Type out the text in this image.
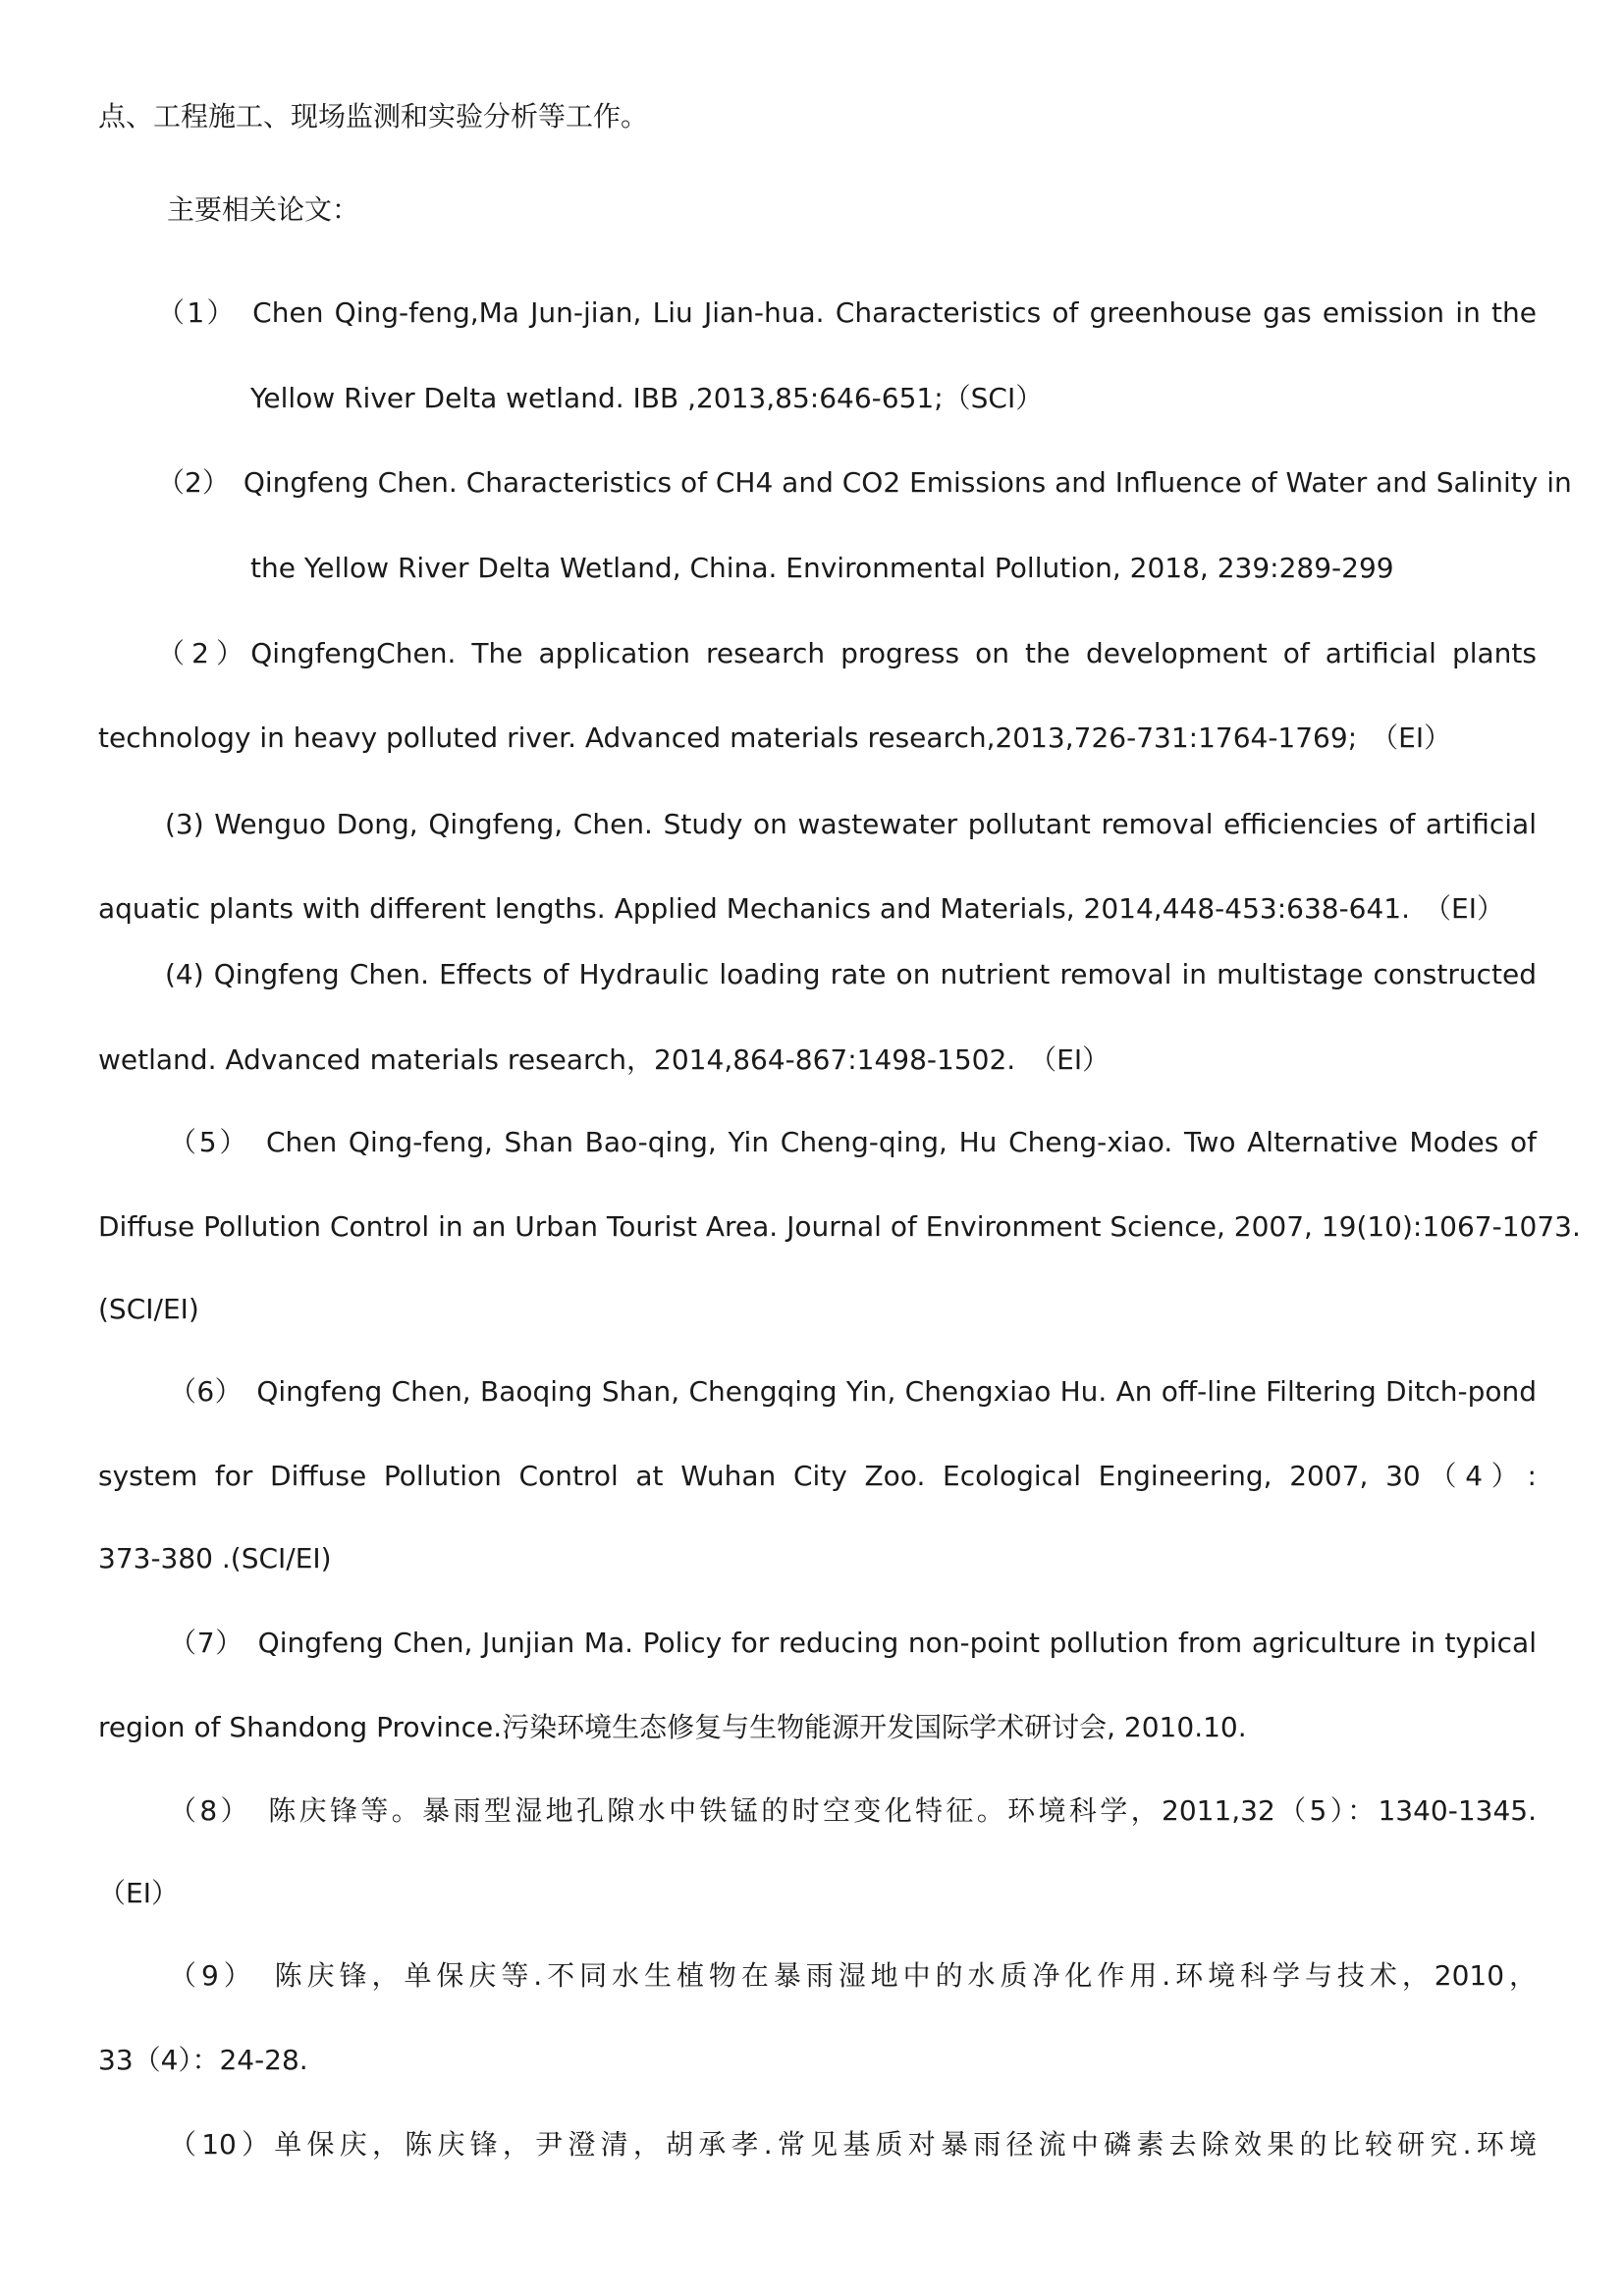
点、工程施工、现场监测和实验分析等工作。

主要相关论文：

（1）　Chen Qing-feng,Ma Jun-jian, Liu Jian-hua. Characteristics of greenhouse gas emission in the

Yellow River Delta wetland. IBB ,2013,85:646-651;（SCI）

（2）　Qingfeng Chen. Characteristics of CH4 and CO2 Emissions and Influence of Water and Salinity in

the Yellow River Delta Wetland, China. Environmental Pollution, 2018, 239:289-299

（2）QingfengChen. The application research progress on the development of artificial plants

technology in heavy polluted river. Advanced materials research,2013,726-731:1764-1769;　（EI）

(3) Wenguo Dong, Qingfeng, Chen. Study on wastewater pollutant removal efficiencies of artificial

aquatic plants with different lengths. Applied Mechanics and Materials, 2014,448-453:638-641.　（EI）

(4) Qingfeng Chen. Effects of Hydraulic loading rate on nutrient removal in multistage constructed

wetland. Advanced materials research，2014,864-867:1498-1502.　（EI）

（5）　Chen Qing-feng, Shan Bao-qing, Yin Cheng-qing, Hu Cheng-xiao. Two Alternative Modes of

Diffuse Pollution Control in an Urban Tourist Area. Journal of Environment Science, 2007, 19(10):1067-1073.

(SCI/EI)

（6）　Qingfeng Chen, Baoqing Shan, Chengqing Yin, Chengxiao Hu. An off-line Filtering Ditch-pond

system for Diffuse Pollution Control at Wuhan City Zoo. Ecological Engineering, 2007, 30（4）:

373-380 .(SCI/EI)

（7）　Qingfeng Chen, Junjian Ma. Policy for reducing non-point pollution from agriculture in typical

region of Shandong Province.污染环境生态修复与生物能源开发国际学术研讨会, 2010.10.

（8）　陈庆锋等。暴雨型湿地孔隙水中铁锰的时空变化特征。环境科学，2011,32（5）：1340-1345.

（EI）

（9）　陈庆锋，单保庆等.不同水生植物在暴雨湿地中的水质净化作用.环境科学与技术，2010，

33（4）：24-28.

（10）单保庆，陈庆锋，尹澄清，胡承孝.常见基质对暴雨径流中磷素去除效果的比较研究.环境
